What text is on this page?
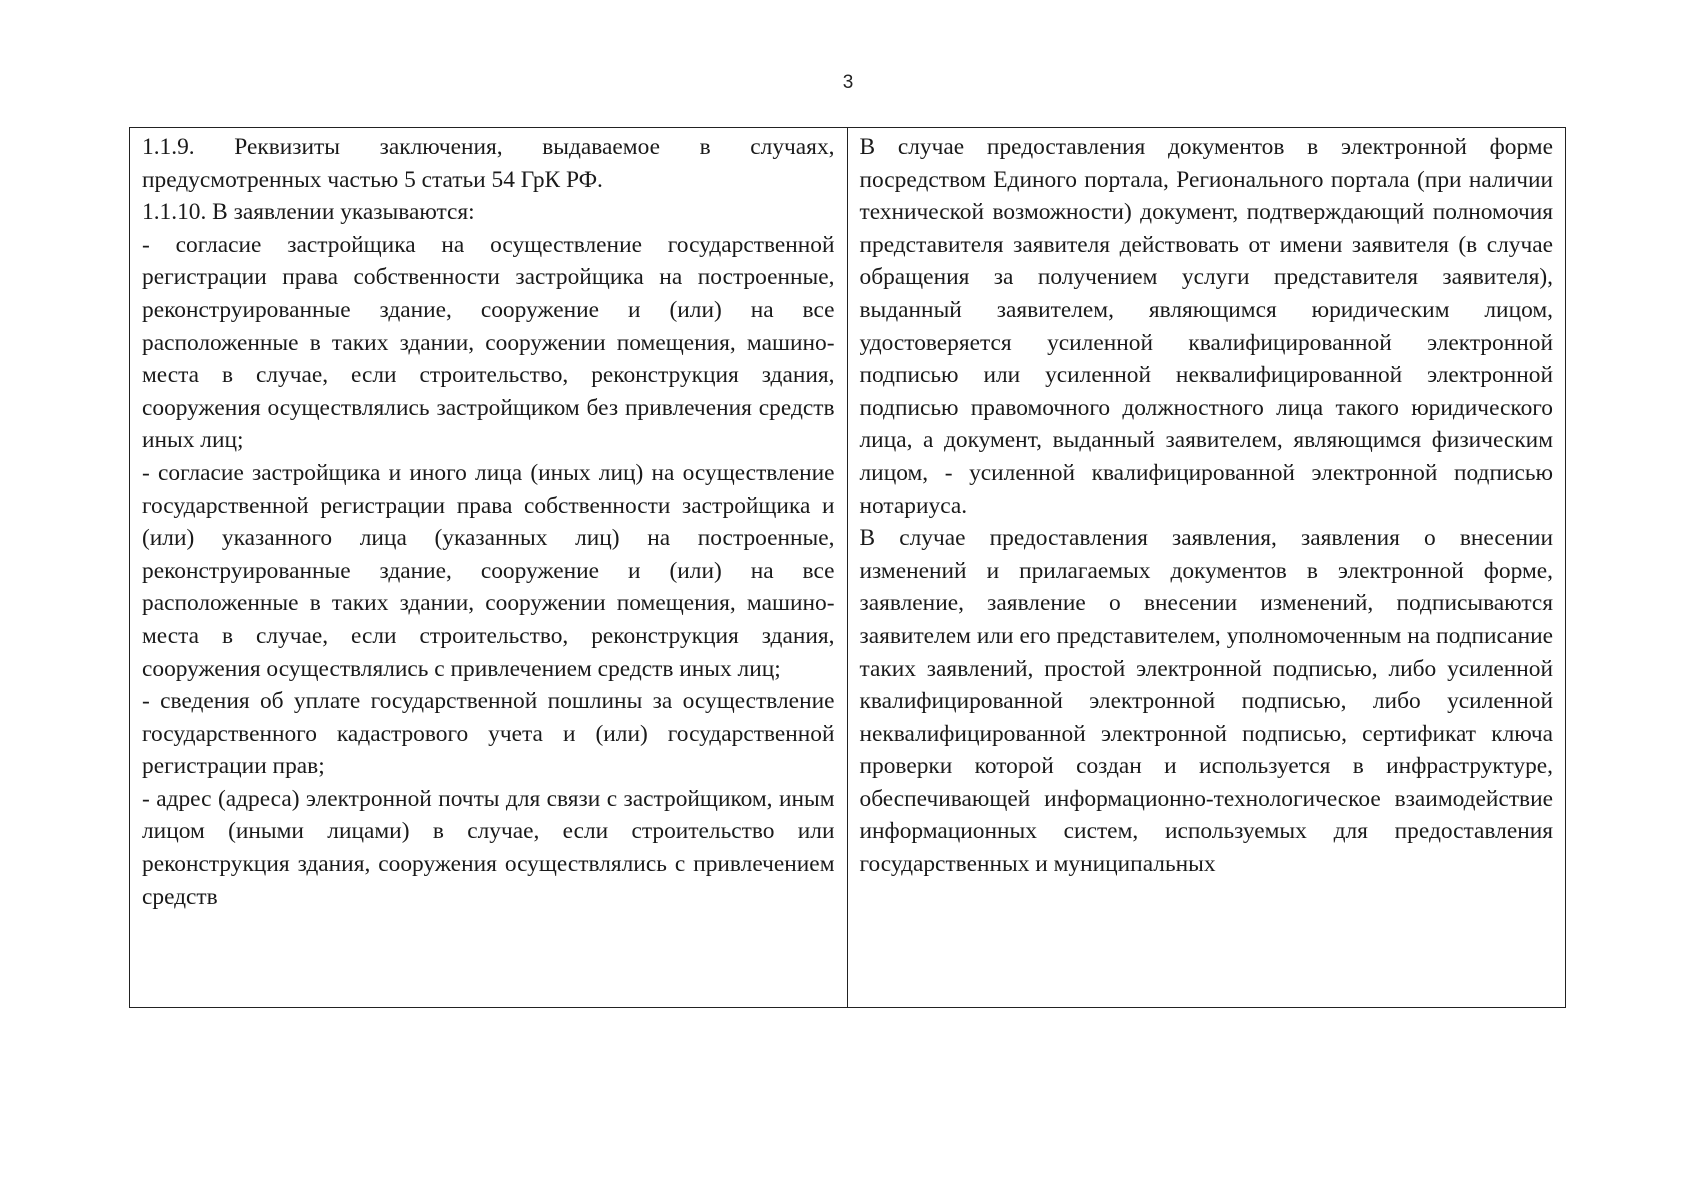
3

1.1.9. Реквизиты заключения, выдаваемое в случаях, предусмотренных частью 5 статьи 54 ГрК РФ.

1.1.10. В заявлении указываются:

- согласие застройщика на осуществление государственной регистрации права собственности застройщика на построенные, реконструированные здание, сооружение и (или) на все расположенные в таких здании, сооружении помещения, машино-места в случае, если строительство, реконструкция здания, сооружения осуществлялись застройщиком без привлечения средств иных лиц;

- согласие застройщика и иного лица (иных лиц) на осуществление государственной регистрации права собственности застройщика и (или) указанного лица (указанных лиц) на построенные, реконструированные здание, сооружение и (или) на все расположенные в таких здании, сооружении помещения, машино-места в случае, если строительство, реконструкция здания, сооружения осуществлялись с привлечением средств иных лиц;

- сведения об уплате государственной пошлины за осуществление государственного кадастрового учета и (или) государственной регистрации прав;

- адрес (адреса) электронной почты для связи с застройщиком, иным лицом (иными лицами) в случае, если строительство или реконструкция здания, сооружения осуществлялись с привлечением средств

В случае предоставления документов в электронной форме посредством Единого портала, Регионального портала (при наличии технической возможности) документ, подтверждающий полномочия представителя заявителя действовать от имени заявителя (в случае обращения за получением услуги представителя заявителя), выданный заявителем, являющимся юридическим лицом, удостоверяется усиленной квалифицированной электронной подписью или усиленной неквалифицированной электронной подписью правомочного должностного лица такого юридического лица, а документ, выданный заявителем, являющимся физическим лицом, - усиленной квалифицированной электронной подписью нотариуса.

В случае предоставления заявления, заявления о внесении изменений и прилагаемых документов в электронной форме, заявление, заявление о внесении изменений, подписываются заявителем или его представителем, уполномоченным на подписание таких заявлений, простой электронной подписью, либо усиленной квалифицированной электронной подписью, либо усиленной неквалифицированной электронной подписью, сертификат ключа проверки которой создан и используется в инфраструктуре, обеспечивающей информационно-технологическое взаимодействие информационных систем, используемых для предоставления государственных и муниципальных
